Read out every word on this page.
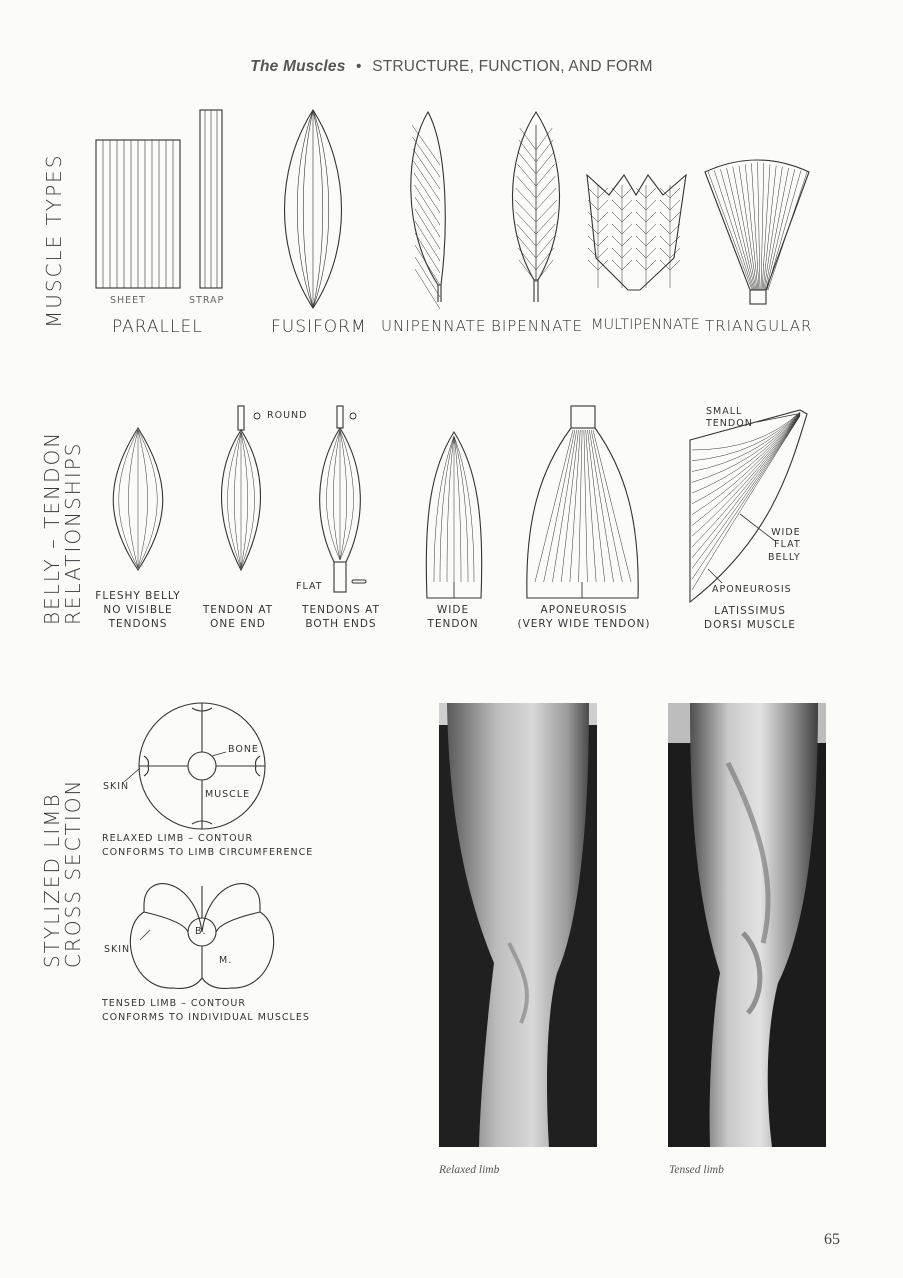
The Muscles • STRUCTURE, FUNCTION, AND FORM
MUSCLE TYPES
BELLY – TENDON
RELATIONSHIPS
STYLIZED LIMB
CROSS SECTION
SHEET	STRAP
PARALLEL	FUSIFORM UNIPENNATE BIPENNATE MULTIPENNATE TRIANGULAR
FLESHY BELLY
NO VISIBLE
TENDONS
ROUND
TENDON AT
ONE END
FLAT
TENDONS AT
BOTH ENDS
WIDE
TENDON
APONEUROSIS
(VERY WIDE TENDON)
SMALL
TENDON
WIDE
FLAT
BELLY
APONEUROSIS
LATISSIMUS
DORSI MUSCLE
BONE
SKIN
MUSCLE
RELAXED LIMB – CONTOUR
CONFORMS TO LIMB CIRCUMFERENCE
B.
M.
SKIN
TENSED LIMB – CONTOUR
CONFORMS TO INDIVIDUAL MUSCLES
Relaxed limb	Tensed limb
65
